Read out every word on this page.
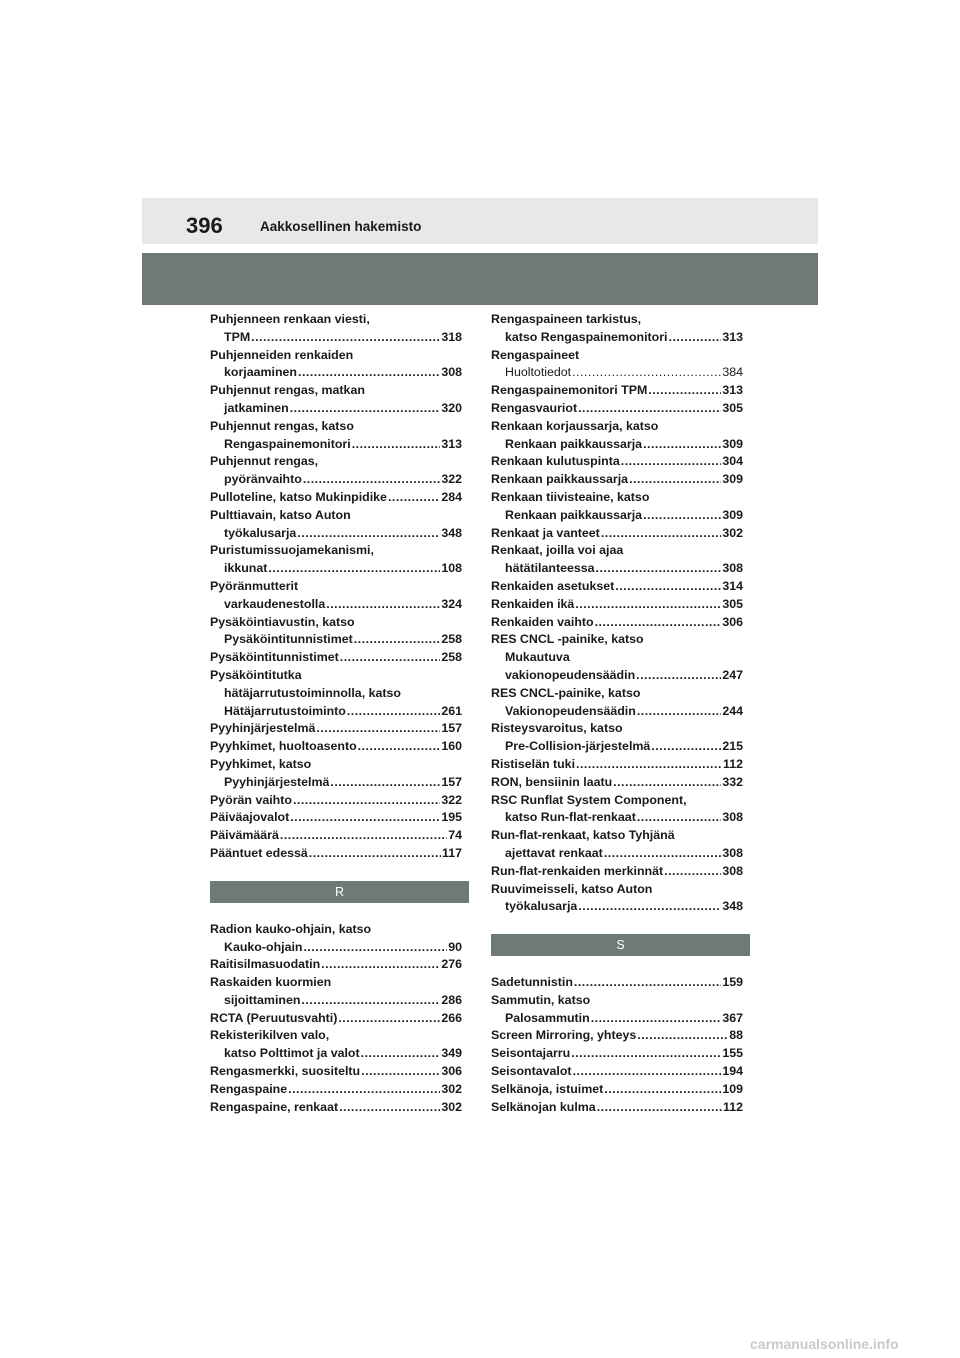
396	Aakkosellinen hakemisto
Puhjenneen renkaan viesti,
TPM .....	318
Puhjenneiden renkaiden
korjaaminen .....	308
Puhjennut rengas, matkan
jatkaminen .....	320
Puhjennut rengas, katso
Rengaspainemonitori .....	313
Puhjennut rengas,
pyöränvaihto .....	322
Pulloteline, katso Mukinpidike .....	284
Pulttiavain, katso Auton
työkalusarja .....	348
Puristumissuojamekanismi,
ikkunat .....	108
Pyöränmutterit
varkaudenestolla .....	324
Pysäköintiavustin, katso
Pysäköintitunnistimet .....	258
Pysäköintitunnistimet .....	258
Pysäköintitutka
hätäjarrutustoiminnolla, katso
Hätäjarrutustoiminto .....	261
Pyyhinjärjestelmä .....	157
Pyyhkimet, huoltoasento .....	160
Pyyhkimet, katso
Pyyhinjärjestelmä .....	157
Pyörän vaihto .....	322
Päiväajovalot .....	195
Päivämäärä .....	74
Pääntuet edessä .....	117
R
Radion kauko-ohjain, katso
Kauko-ohjain .....	90
Raitisilmasuodatin .....	276
Raskaiden kuormien
sijoittaminen .....	286
RCTA (Peruutusvahti) .....	266
Rekisterikilven valo,
katso Polttimot ja valot .....	349
Rengasmerkki, suositeltu .....	306
Rengaspaine .....	302
Rengaspaine, renkaat .....	302
Rengaspaineen tarkistus,
katso Rengaspainemonitori .....	313
Rengaspaineet
Huoltotiedot .....	384
Rengaspainemonitori TPM .....	313
Rengasvauriot .....	305
Renkaan korjaussarja, katso
Renkaan paikkaussarja .....	309
Renkaan kulutuspinta .....	304
Renkaan paikkaussarja .....	309
Renkaan tiivisteaine, katso
Renkaan paikkaussarja .....	309
Renkaat ja vanteet .....	302
Renkaat, joilla voi ajaa
hätätilanteessa .....	308
Renkaiden asetukset .....	314
Renkaiden ikä .....	305
Renkaiden vaihto .....	306
RES CNCL -painike, katso
Mukautuva
vakionopeudensäädin .....	247
RES CNCL-painike, katso
Vakionopeudensäädin .....	244
Risteysvaroitus, katso
Pre-Collision-järjestelmä .....	215
Ristiselän tuki .....	112
RON, bensiinin laatu .....	332
RSC Runflat System Component,
katso Run-flat-renkaat .....	308
Run-flat-renkaat, katso Tyhjänä
ajettavat renkaat .....	308
Run-flat-renkaiden merkinnät .....	308
Ruuvimeisseli, katso Auton
työkalusarja .....	348
S
Sadetunnistin .....	159
Sammutin, katso
Palosammutin .....	367
Screen Mirroring, yhteys .....	88
Seisontajarru .....	155
Seisontavalot .....	194
Selkänoja, istuimet .....	109
Selkänojan kulma .....	112
carmanualsonline.info
